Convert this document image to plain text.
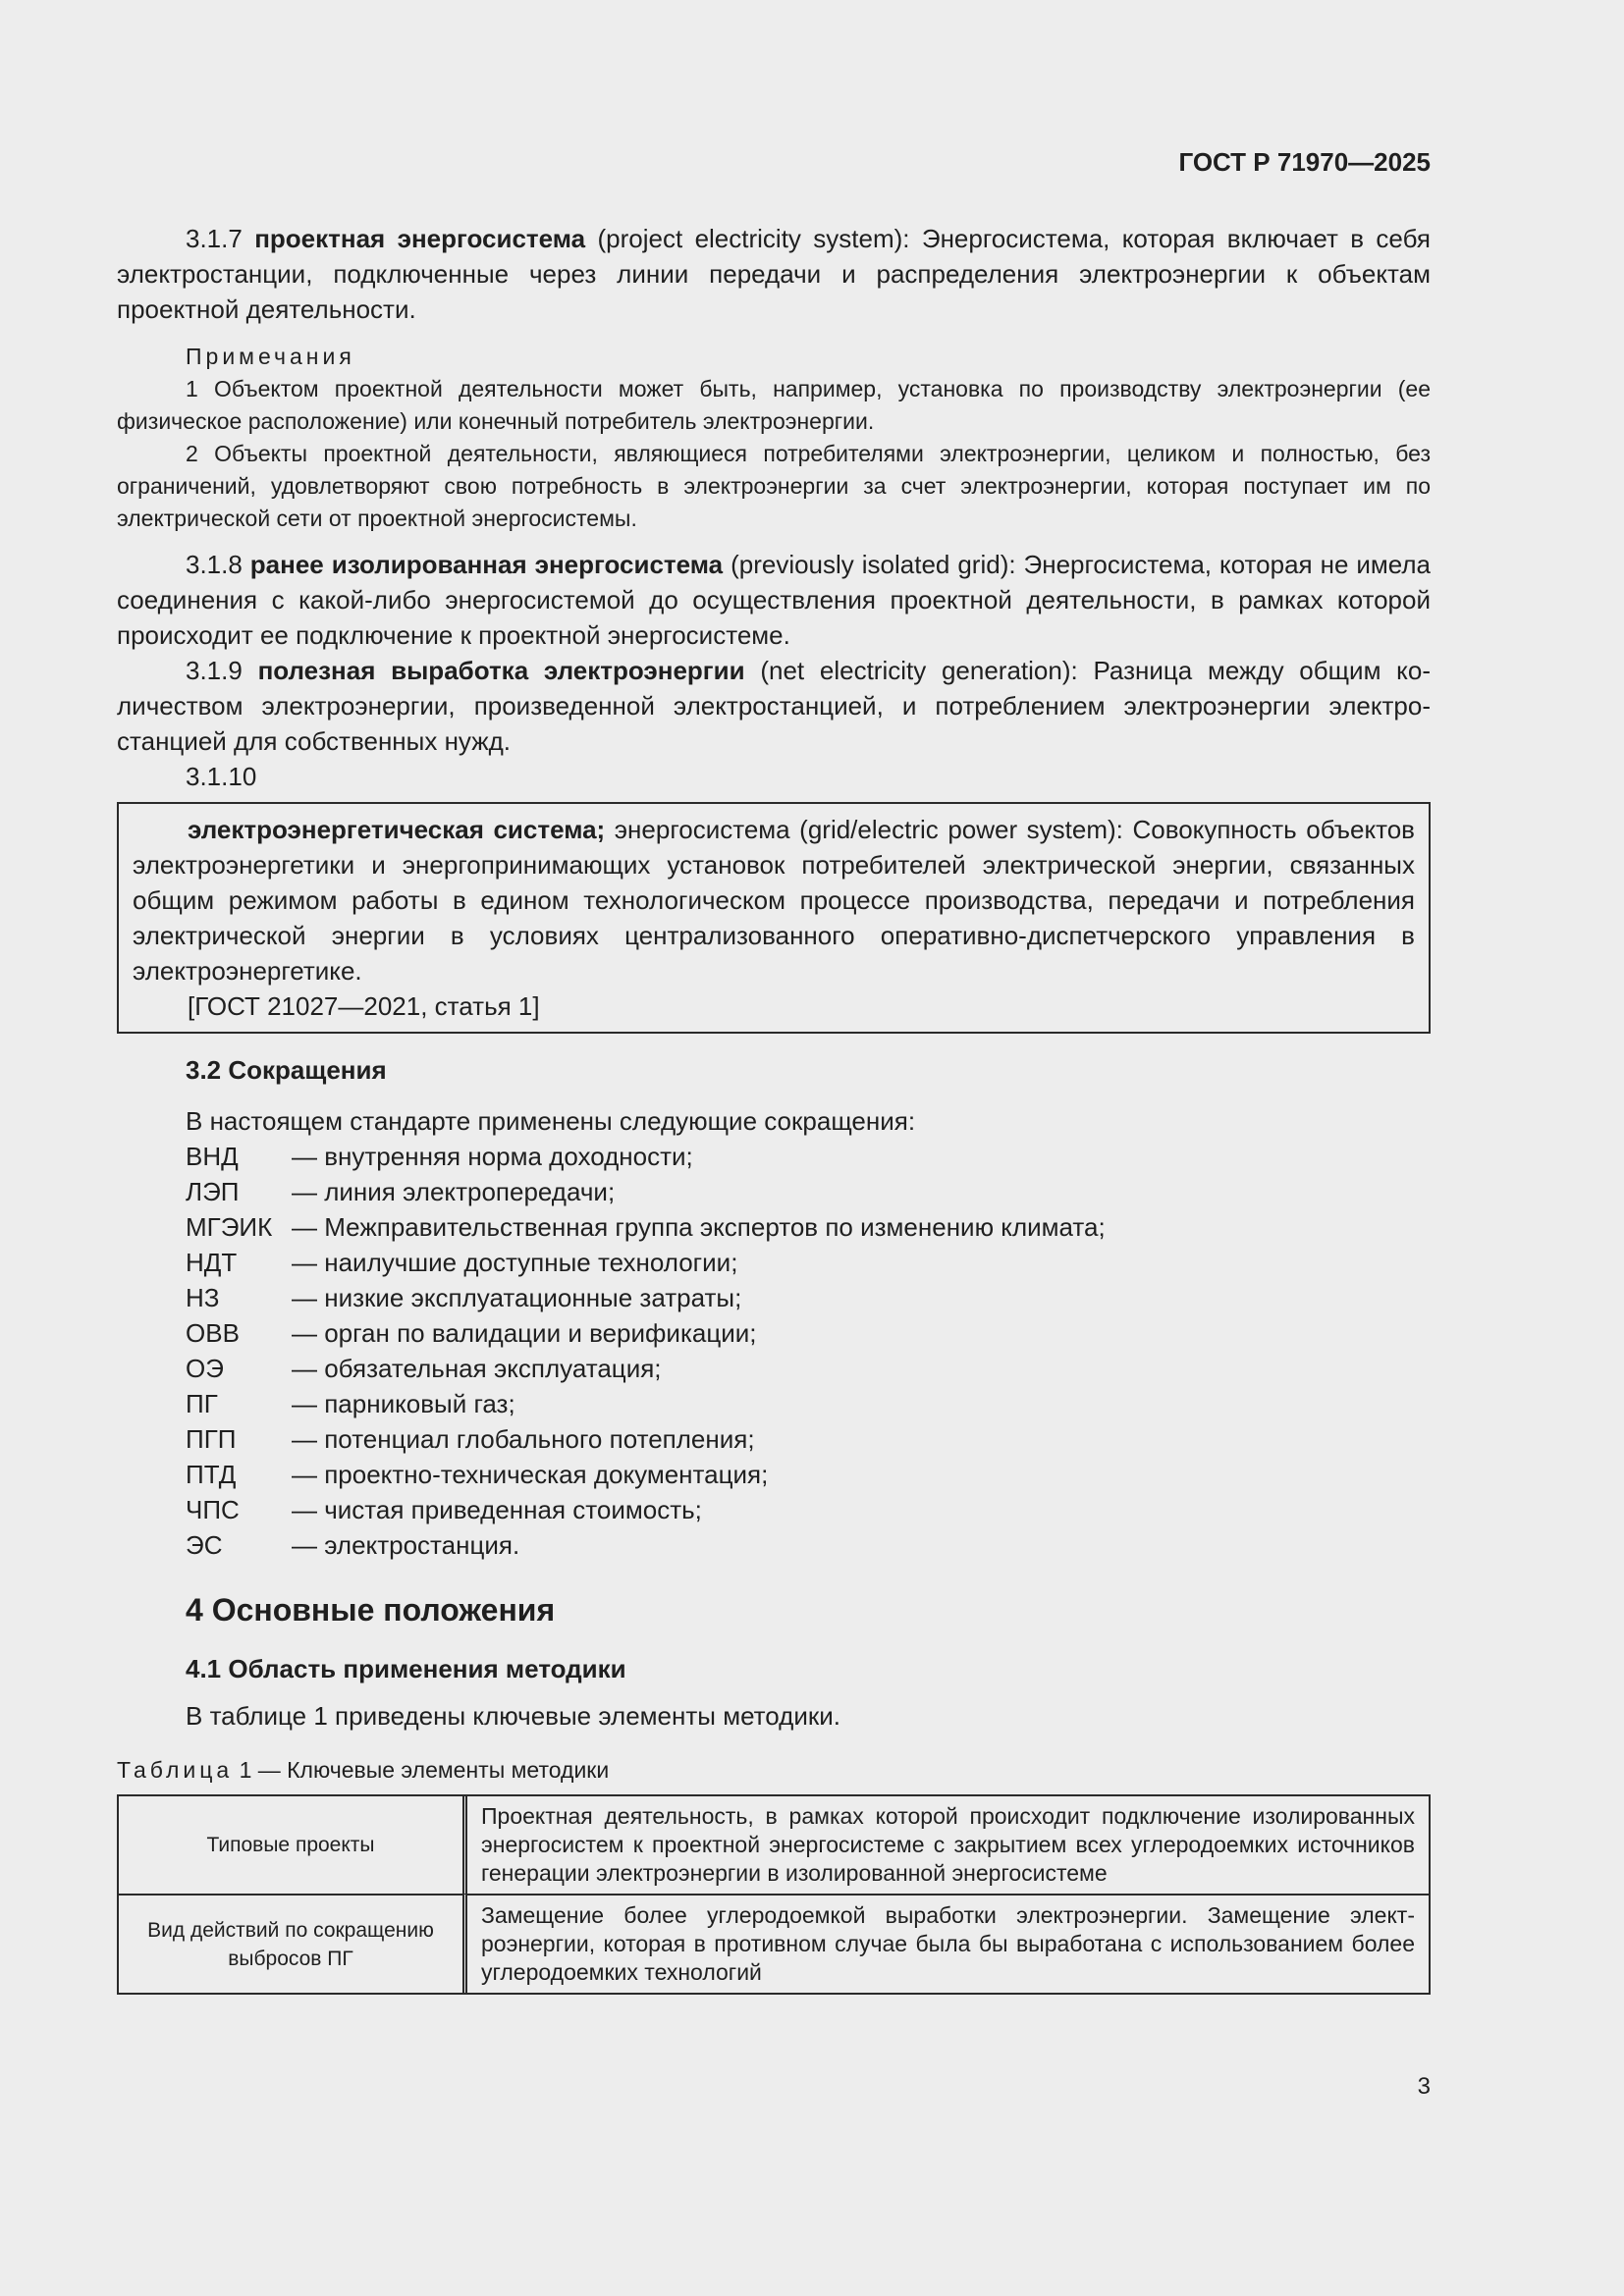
ГОСТ Р 71970—2025

3.1.7 проектная энергосистема (project electricity system): Энергосистема, которая включает в себя электростанции, подключенные через линии передачи и распределения электроэнергии к объектам проектной деятельности.

Примечания

1 Объектом проектной деятельности может быть, например, установка по производству электроэнергии (ее физическое расположение) или конечный потребитель электроэнергии.

2 Объекты проектной деятельности, являющиеся потребителями электроэнергии, целиком и полностью, без ограничений, удовлетворяют свою потребность в электроэнергии за счет электроэнергии, которая поступает им по электрической сети от проектной энергосистемы.

3.1.8 ранее изолированная энергосистема (previously isolated grid): Энергосистема, которая не имела соединения с какой-либо энергосистемой до осуществления проектной деятельности, в рамках которой происходит ее подключение к проектной энергосистеме.

3.1.9 полезная выработка электроэнергии (net electricity generation): Разница между общим количеством электроэнергии, произведенной электростанцией, и потреблением электроэнергии электростанцией для собственных нужд.

3.1.10

электроэнергетическая система; энергосистема (grid/electric power system): Совокупность объектов электроэнергетики и энергопринимающих установок потребителей электрической энергии, связанных общим режимом работы в едином технологическом процессе производства, передачи и потребления электрической энергии в условиях централизованного оперативно-диспетчерского управления в электроэнергетике.

[ГОСТ 21027—2021, статья 1]
3.2 Сокращения
В настоящем стандарте применены следующие сокращения:
ВНД	— внутренняя норма доходности;
ЛЭП	— линия электропередачи;
МГЭИК — Межправительственная группа экспертов по изменению климата;
НДТ	— наилучшие доступные технологии;
НЗ	— низкие эксплуатационные затраты;
ОВВ	— орган по валидации и верификации;
ОЭ	— обязательная эксплуатация;
ПГ	— парниковый газ;
ПГП	— потенциал глобального потепления;
ПТД	— проектно-техническая документация;
ЧПС	— чистая приведенная стоимость;
ЭС	— электростанция.
4 Основные положения
4.1 Область применения методики
В таблице 1 приведены ключевые элементы методики.
Таблица 1 — Ключевые элементы методики
Типовые проекты	Проектная деятельность, в рамках которой происходит подключение изолированных энергосистем к проектной энергосистеме с закрытием всех углеродоемких источников генерации электроэнергии в изолированной энергосистеме
Вид действий по сокращению выбросов ПГ	Замещение более углеродоемкой выработки электроэнергии. Замещение электроэнергии, которая в противном случае была бы выработана с использованием более углеродоемких технологий
3
